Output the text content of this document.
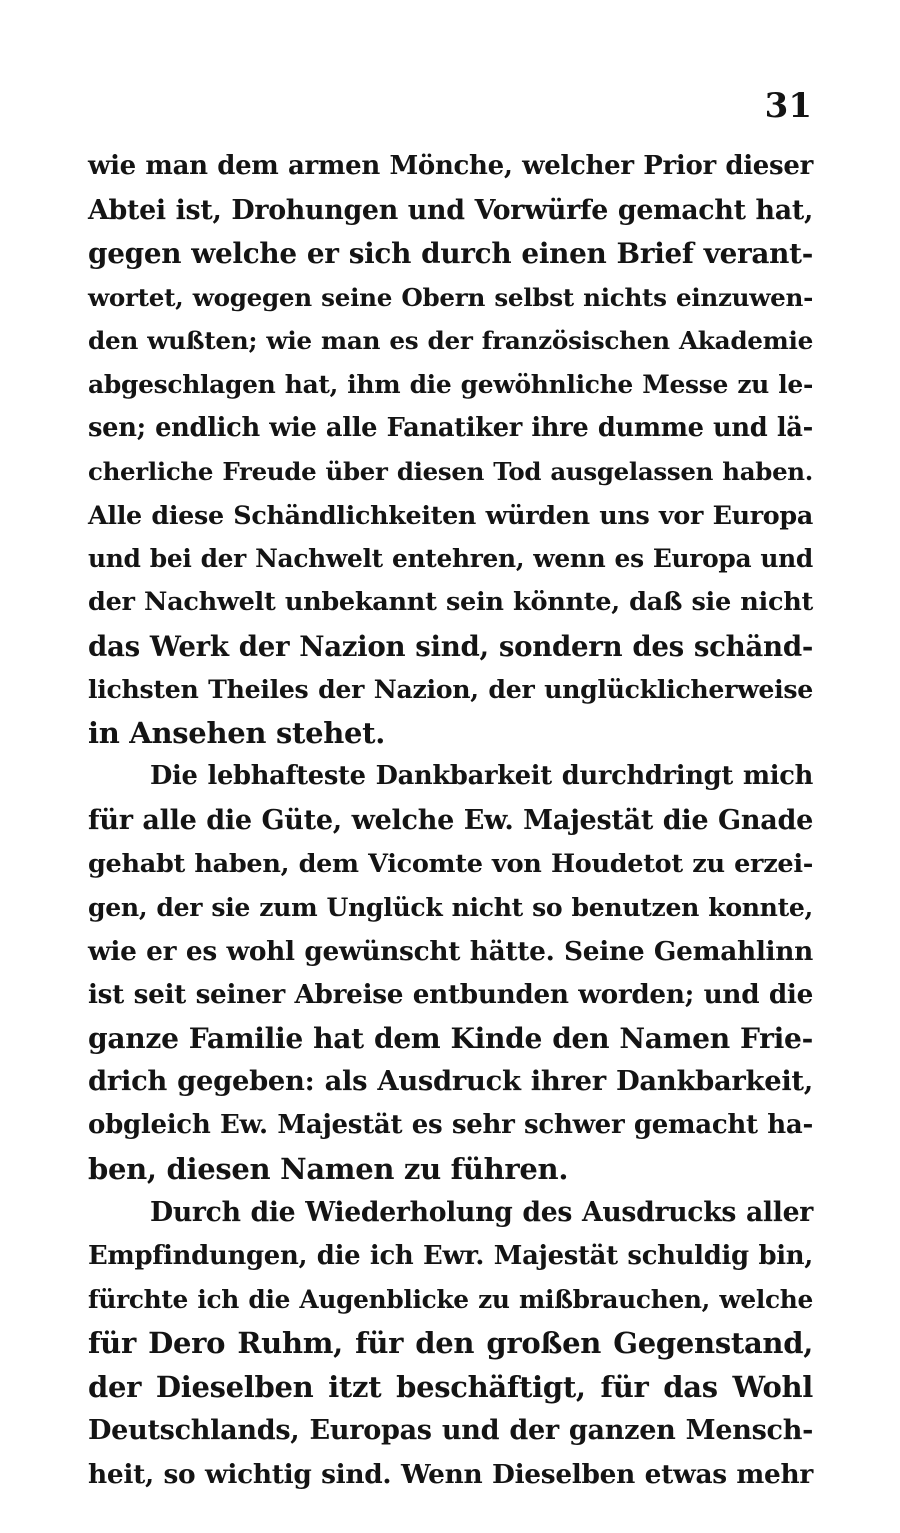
31
wie man dem armen Mönche, welcher Prior dieser
Abtei ist, Drohungen und Vorwürfe gemacht hat,
gegen welche er sich durch einen Brief verant-
wortet, wogegen seine Obern selbst nichts einzuwen-
den wußten; wie man es der französischen Akademie
abgeschlagen hat, ihm die gewöhnliche Messe zu le-
sen; endlich wie alle Fanatiker ihre dumme und lä-
cherliche Freude über diesen Tod ausgelassen haben.
Alle diese Schändlichkeiten würden uns vor Europa
und bei der Nachwelt entehren, wenn es Europa und
der Nachwelt unbekannt sein könnte, daß sie nicht
das Werk der Nazion sind, sondern des schänd-
lichsten Theiles der Nazion, der unglücklicherweise
in Ansehen stehet.
Die lebhafteste Dankbarkeit durchdringt mich
für alle die Güte, welche Ew. Majestät die Gnade
gehabt haben, dem Vicomte von Houdetot zu erzei-
gen, der sie zum Unglück nicht so benutzen konnte,
wie er es wohl gewünscht hätte. Seine Gemahlinn
ist seit seiner Abreise entbunden worden; und die
ganze Familie hat dem Kinde den Namen Frie-
drich gegeben: als Ausdruck ihrer Dankbarkeit,
obgleich Ew. Majestät es sehr schwer gemacht ha-
ben, diesen Namen zu führen.
Durch die Wiederholung des Ausdrucks aller
Empfindungen, die ich Ewr. Majestät schuldig bin,
fürchte ich die Augenblicke zu mißbrauchen, welche
für Dero Ruhm, für den großen Gegenstand,
der Dieselben itzt beschäftigt, für das Wohl
Deutschlands, Europas und der ganzen Mensch-
heit, so wichtig sind. Wenn Dieselben etwas mehr
